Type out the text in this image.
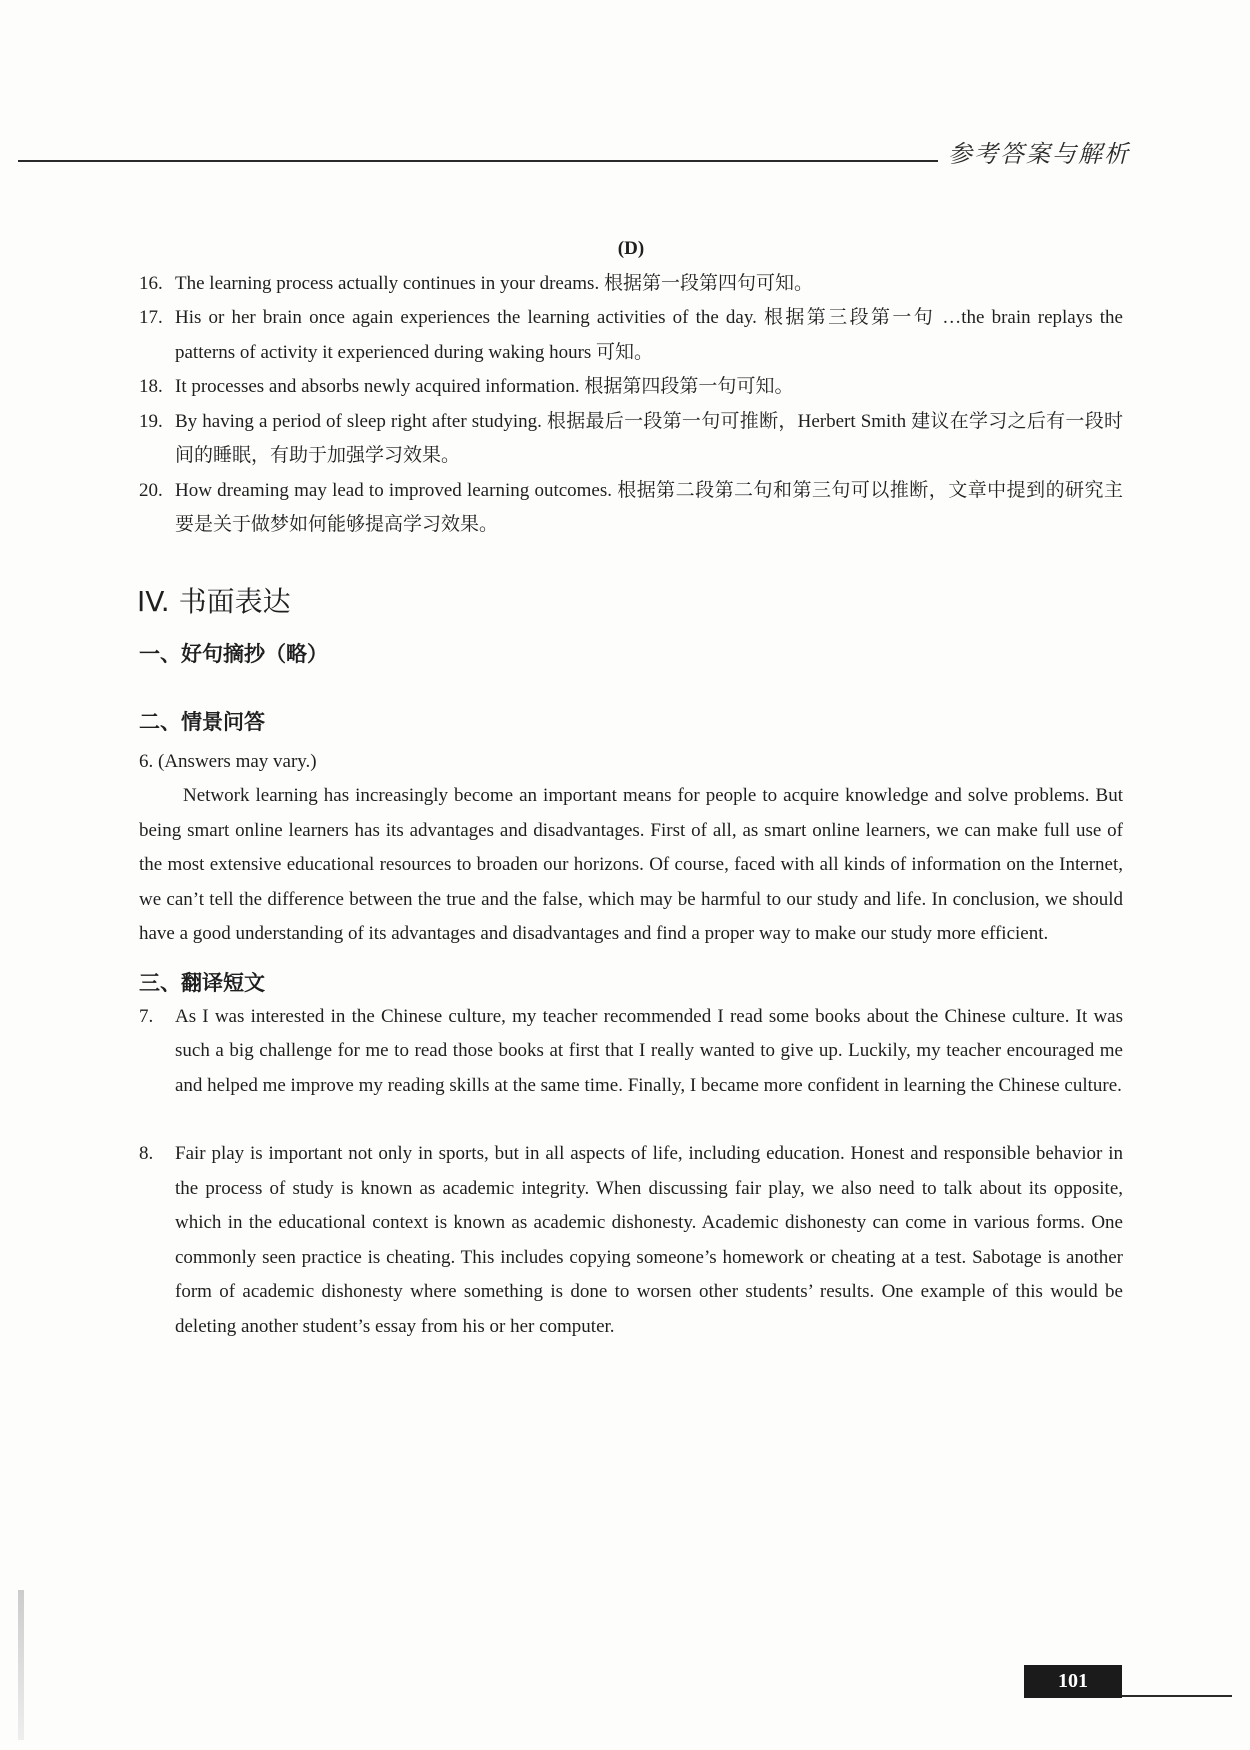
参考答案与解析
(D)
16. The learning process actually continues in your dreams. 根据第一段第四句可知。
17. His or her brain once again experiences the learning activities of the day. 根据第三段第一句 …the brain replays the patterns of activity it experienced during waking hours 可知。
18. It processes and absorbs newly acquired information. 根据第四段第一句可知。
19. By having a period of sleep right after studying. 根据最后一段第一句可推断，Herbert Smith 建议在学习之后有一段时间的睡眠，有助于加强学习效果。
20. How dreaming may lead to improved learning outcomes. 根据第二段第二句和第三句可以推断，文章中提到的研究主要是关于做梦如何能够提高学习效果。
IV. 书面表达
一、好句摘抄（略）
二、情景问答
6. (Answers may vary.)
Network learning has increasingly become an important means for people to acquire knowledge and solve problems. But being smart online learners has its advantages and disadvantages. First of all, as smart online learners, we can make full use of the most extensive educational resources to broaden our horizons. Of course, faced with all kinds of information on the Internet, we can’t tell the difference between the true and the false, which may be harmful to our study and life. In conclusion, we should have a good understanding of its advantages and disadvantages and find a proper way to make our study more efficient.
三、翻译短文
7.	As I was interested in the Chinese culture, my teacher recommended I read some books about the Chinese culture. It was such a big challenge for me to read those books at first that I really wanted to give up. Luckily, my teacher encouraged me and helped me improve my reading skills at the same time. Finally, I became more confident in learning the Chinese culture.
8.	Fair play is important not only in sports, but in all aspects of life, including education. Honest and responsible behavior in the process of study is known as academic integrity. When discussing fair play, we also need to talk about its opposite, which in the educational context is known as academic dishonesty. Academic dishonesty can come in various forms. One commonly seen practice is cheating. This includes copying someone’s homework or cheating at a test. Sabotage is another form of academic dishonesty where something is done to worsen other students’ results. One example of this would be deleting another student’s essay from his or her computer.
101
